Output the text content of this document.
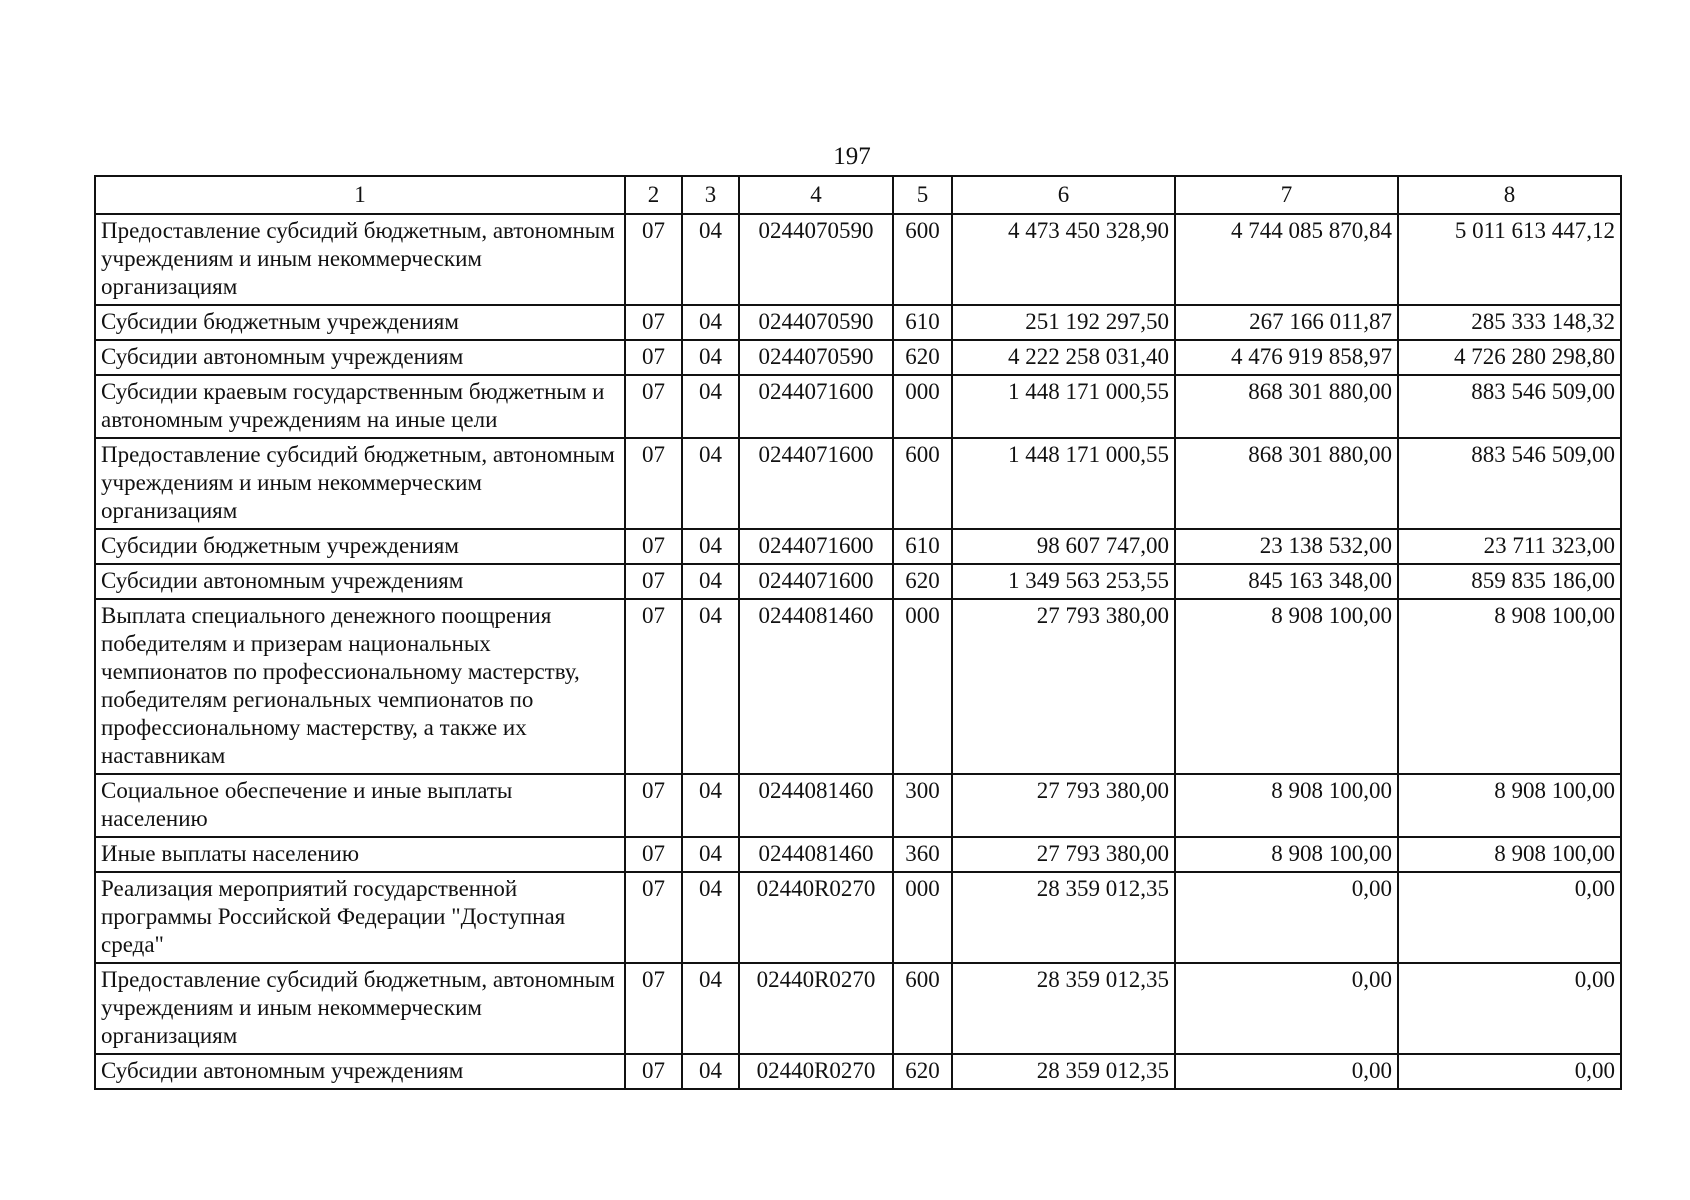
197
1	2	3	4	5	6	7	8
Предоставление субсидий бюджетным, автономным учреждениям и иным некоммерческим организациям	07	04	0244070590	600	4 473 450 328,90	4 744 085 870,84	5 011 613 447,12
Субсидии бюджетным учреждениям	07	04	0244070590	610	251 192 297,50	267 166 011,87	285 333 148,32
Субсидии автономным учреждениям	07	04	0244070590	620	4 222 258 031,40	4 476 919 858,97	4 726 280 298,80
Субсидии краевым государственным бюджетным и автономным учреждениям на иные цели	07	04	0244071600	000	1 448 171 000,55	868 301 880,00	883 546 509,00
Предоставление субсидий бюджетным, автономным учреждениям и иным некоммерческим организациям	07	04	0244071600	600	1 448 171 000,55	868 301 880,00	883 546 509,00
Субсидии бюджетным учреждениям	07	04	0244071600	610	98 607 747,00	23 138 532,00	23 711 323,00
Субсидии автономным учреждениям	07	04	0244071600	620	1 349 563 253,55	845 163 348,00	859 835 186,00
Выплата специального денежного поощрения победителям и призерам национальных чемпионатов по профессиональному мастерству, победителям региональных чемпионатов по профессиональному мастерству, а также их наставникам	07	04	0244081460	000	27 793 380,00	8 908 100,00	8 908 100,00
Социальное обеспечение и иные выплаты населению	07	04	0244081460	300	27 793 380,00	8 908 100,00	8 908 100,00
Иные выплаты населению	07	04	0244081460	360	27 793 380,00	8 908 100,00	8 908 100,00
Реализация мероприятий государственной программы Российской Федерации "Доступная среда"	07	04	02440R0270	000	28 359 012,35	0,00	0,00
Предоставление субсидий бюджетным, автономным учреждениям и иным некоммерческим организациям	07	04	02440R0270	600	28 359 012,35	0,00	0,00
Субсидии автономным учреждениям	07	04	02440R0270	620	28 359 012,35	0,00	0,00
